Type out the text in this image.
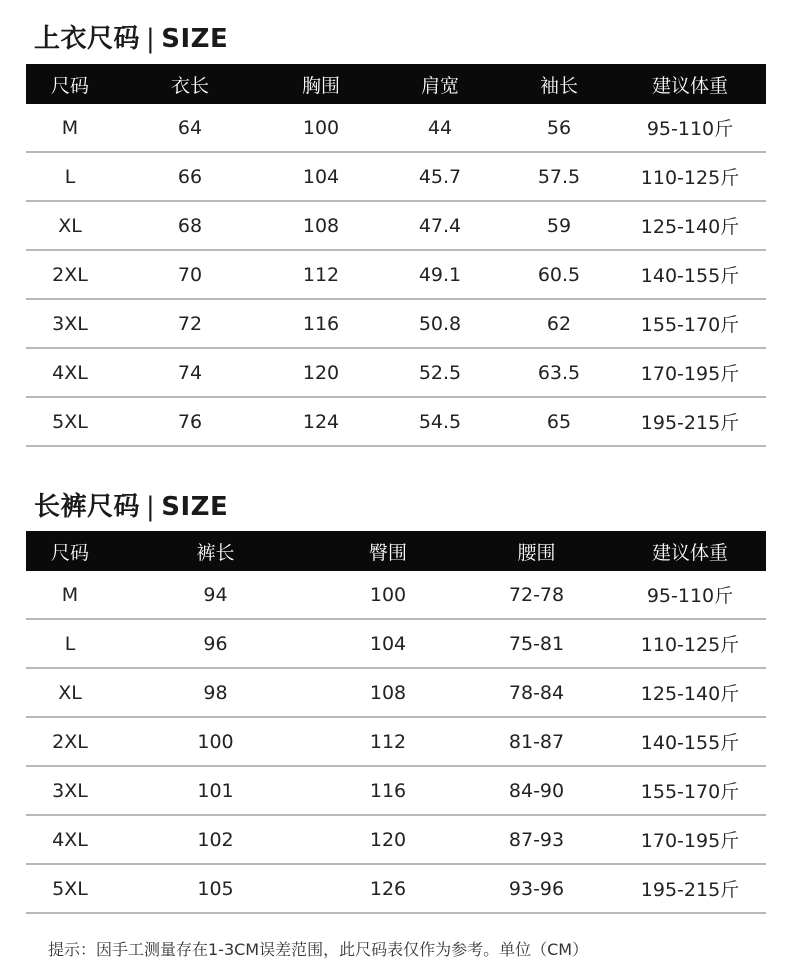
上衣尺码 | SIZE
尺码	衣长	胸围	肩宽	袖长	建议体重
M	64	100	44	56	95-110斤
L	66	104	45.7	57.5	110-125斤
XL	68	108	47.4	59	125-140斤
2XL	70	112	49.1	60.5	140-155斤
3XL	72	116	50.8	62	155-170斤
4XL	74	120	52.5	63.5	170-195斤
5XL	76	124	54.5	65	195-215斤
长裤尺码 | SIZE
尺码	裤长	臀围	腰围	建议体重
M	94	100	72-78	95-110斤
L	96	104	75-81	110-125斤
XL	98	108	78-84	125-140斤
2XL	100	112	81-87	140-155斤
3XL	101	116	84-90	155-170斤
4XL	102	120	87-93	170-195斤
5XL	105	126	93-96	195-215斤
提示：因手工测量存在1-3CM误差范围，此尺码表仅作为参考。单位（CM）
